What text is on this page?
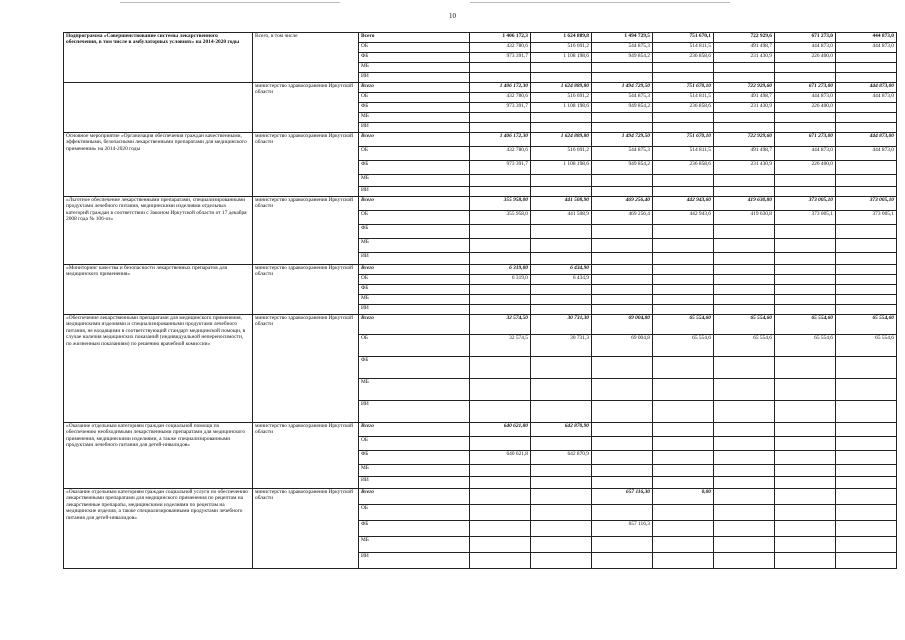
10
Подпрограмма «Совершенствование системы лекарственного обеспечения, в том числе в амбулаторных условиях» на 2014-2020 годы	Всего, в том числе	Всего	1 406 172,3	1 624 889,8	1 494 729,5	751 670,1	722 929,6	671 273,0	444 873,0
		ОБ	432 780,6	516 691,2	544 875,3	514 811,5	491 498,7	444 873,0	444 873,0
		ФБ	973 391,7	1 108 198,6	949 854,2	236 858,6	231 430,9	226 400,0	
		МБ							
		ИИ							
	министерство здравоохранения Иркутской области	Всего	1 406 172,30	1 624 889,80	1 494 729,50	751 670,10	722 929,60	671 273,00	444 873,00
		ОБ	432 780,6	516 691,2	544 875,3	514 811,5	491 498,7	444 873,0	444 873,0
		ФБ	973 391,7	1 108 198,6	949 854,2	236 858,6	231 430,9	226 400,0	
		МБ							
		ИИ							
Основное мероприятие «Организация обеспечения граждан качественными, эффективными, безопасными лекарственными препаратами для медицинского применения» на 2014-2020 годы	министерство здравоохранения Иркутской области	Всего	1 406 172,30	1 624 889,80	1 494 729,50	751 670,10	722 929,60	671 273,00	444 873,00
		ОБ	432 780,6	516 691,2	544 875,3	514 811,5	491 498,7	444 873,0	444 873,0
		ФБ	973 391,7	1 108 198,6	949 854,2	236 858,6	231 430,9	226 400,0	
		МБ							
		ИИ							
«Льготное обеспечение лекарственными препаратами, специализированными продуктами лечебного питания, медицинскими изделиями отдельных категорий граждан в соответствии с Законом Иркутской области от 17 декабря 2008 года № 106-оз»	министерство здравоохранения Иркутской области	Всего	355 958,00	441 508,90	469 256,40	442 943,60	419 630,80	373 005,10	373 005,10
		ОБ	355 958,0	441 508,9	469 256,4	442 943,6	419 630,8	373 005,1	373 005,1
		ФБ							
		МБ							
		ИИ							
«Мониторинг качества и безопасности лекарственных препаратов для медицинского применения»	министерство здравоохранения Иркутской области	Всего	6 319,00	6 434,90					
		ОБ	6 319,0	6 434,9					
		ФБ							
		МБ							
		ИИ							
«Обеспечение лекарственными препаратами для медицинского применения, медицинскими изделиями и специализированными продуктами лечебного питания, не входящими в соответствующий стандарт медицинской помощи, в случае наличия медицинских показаний (индивидуальной непереносимости, по жизненным показаниям) по решению врачебной комиссии»	министерство здравоохранения Иркутской области	Всего	32 574,50	30 731,30	69 004,80	65 554,60	65 554,60	65 554,60	65 554,60
		ОБ	32 574,5	30 731,3	69 004,8	65 554,6	65 554,6	65 554,6	65 554,6
		ФБ							
		МБ							
		ИИ							
«Оказание отдельным категориям граждан социальной помощи по обеспечению необходимыми лекарственными препаратами для медицинского применения, медицинскими изделиями, а также специализированными продуктами лечебного питания для детей-инвалидов»	министерство здравоохранения Иркутской области	Всего	640 621,80	642 870,90					
		ОБ							
		ФБ	640 621,8	642 870,9					
		МБ							
		ИИ							
«Оказание отдельным категориям граждан социальной услуги по обеспечению лекарственными препаратами для медицинского применения по рецептам на лекарственные препараты, медицинскими изделиями по рецептам на медицинские изделия, а также специализированными продуктами лечебного питания для детей-инвалидов»	министерство здравоохранения Иркутской области	Всего			657 116,30	0,00			
		ОБ							
		ФБ			657 116,3				
		МБ							
		ИИ							
